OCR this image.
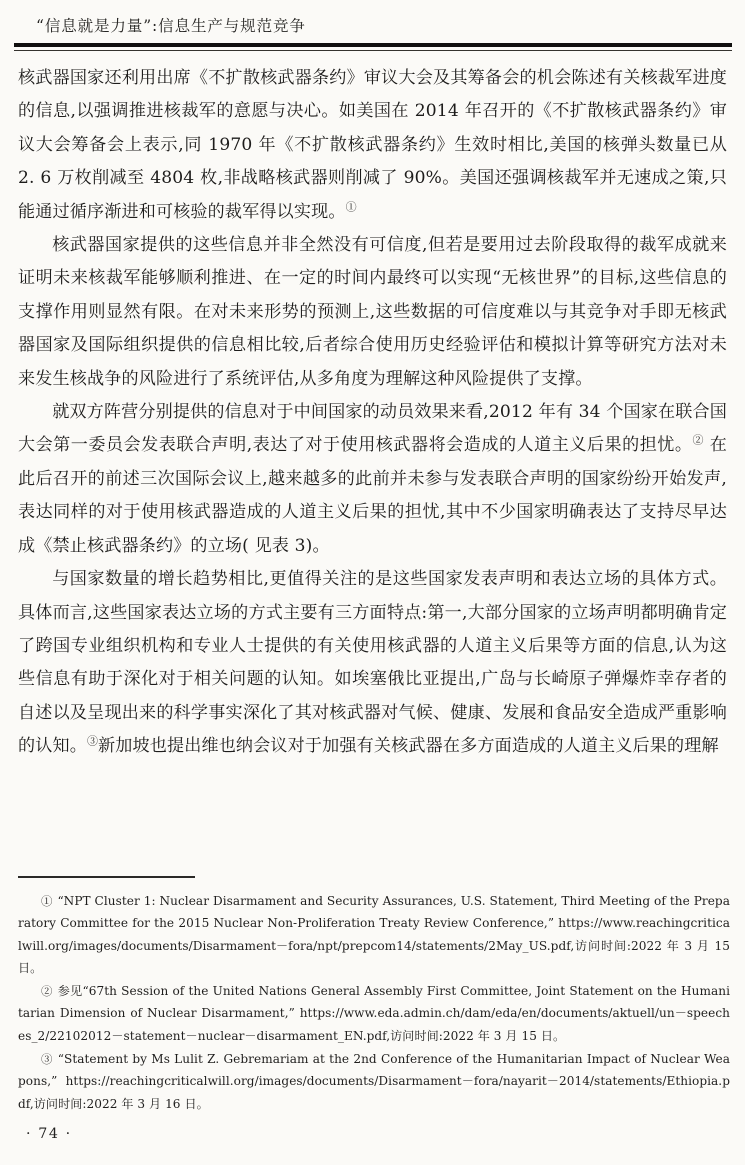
“信息就是力量”:信息生产与规范竞争

核武器国家还利用出席《不扩散核武器条约》审议大会及其筹备会的机会陈述有关核裁军进度的信息,以强调推进核裁军的意愿与决心。如美国在 2014 年召开的《不扩散核武器条约》审议大会筹备会上表示,同 1970 年《不扩散核武器条约》生效时相比,美国的核弹头数量已从 2. 6 万枚削减至 4804 枚,非战略核武器则削减了 90%。美国还强调核裁军并无速成之策,只能通过循序渐进和可核验的裁军得以实现。①

核武器国家提供的这些信息并非全然没有可信度,但若是要用过去阶段取得的裁军成就来证明未来核裁军能够顺利推进、在一定的时间内最终可以实现“无核世界”的目标,这些信息的支撑作用则显然有限。在对未来形势的预测上,这些数据的可信度难以与其竞争对手即无核武器国家及国际组织提供的信息相比较,后者综合使用历史经验评估和模拟计算等研究方法对未来发生核战争的风险进行了系统评估,从多角度为理解这种风险提供了支撑。

就双方阵营分别提供的信息对于中间国家的动员效果来看,2012 年有 34 个国家在联合国大会第一委员会发表联合声明,表达了对于使用核武器将会造成的人道主义后果的担忧。② 在此后召开的前述三次国际会议上,越来越多的此前并未参与发表联合声明的国家纷纷开始发声,表达同样的对于使用核武器造成的人道主义后果的担忧,其中不少国家明确表达了支持尽早达成《禁止核武器条约》的立场( 见表 3)。

与国家数量的增长趋势相比,更值得关注的是这些国家发表声明和表达立场的具体方式。具体而言,这些国家表达立场的方式主要有三方面特点:第一,大部分国家的立场声明都明确肯定了跨国专业组织机构和专业人士提供的有关使用核武器的人道主义后果等方面的信息,认为这些信息有助于深化对于相关问题的认知。如埃塞俄比亚提出,广岛与长崎原子弹爆炸幸存者的自述以及呈现出来的科学事实深化了其对核武器对气候、健康、发展和食品安全造成严重影响的认知。③新加坡也提出维也纳会议对于加强有关核武器在多方面造成的人道主义后果的理解

① “NPT Cluster 1: Nuclear Disarmament and Security Assurances, U.S. Statement, Third Meeting of the Preparatory Committee for the 2015 Nuclear Non-Proliferation Treaty Review Conference,” https://www.reachingcriticalwill.org/images/documents/Disarmament－fora/npt/prepcom14/statements/2May_US.pdf,访问时间:2022 年 3 月 15 日。

② 参见“67th Session of the United Nations General Assembly First Committee, Joint Statement on the Humanitarian Dimension of Nuclear Disarmament,” https://www.eda.admin.ch/dam/eda/en/documents/aktuell/un－speeches_2/22102012－statement－nuclear－disarmament_EN.pdf,访问时间:2022 年 3 月 15 日。

③ “Statement by Ms Lulit Z. Gebremariam at the 2nd Conference of the Humanitarian Impact of Nuclear Weapons,” https://reachingcriticalwill.org/images/documents/Disarmament－fora/nayarit－2014/statements/Ethiopia.pdf,访问时间:2022 年 3 月 16 日。

· 74 ·
